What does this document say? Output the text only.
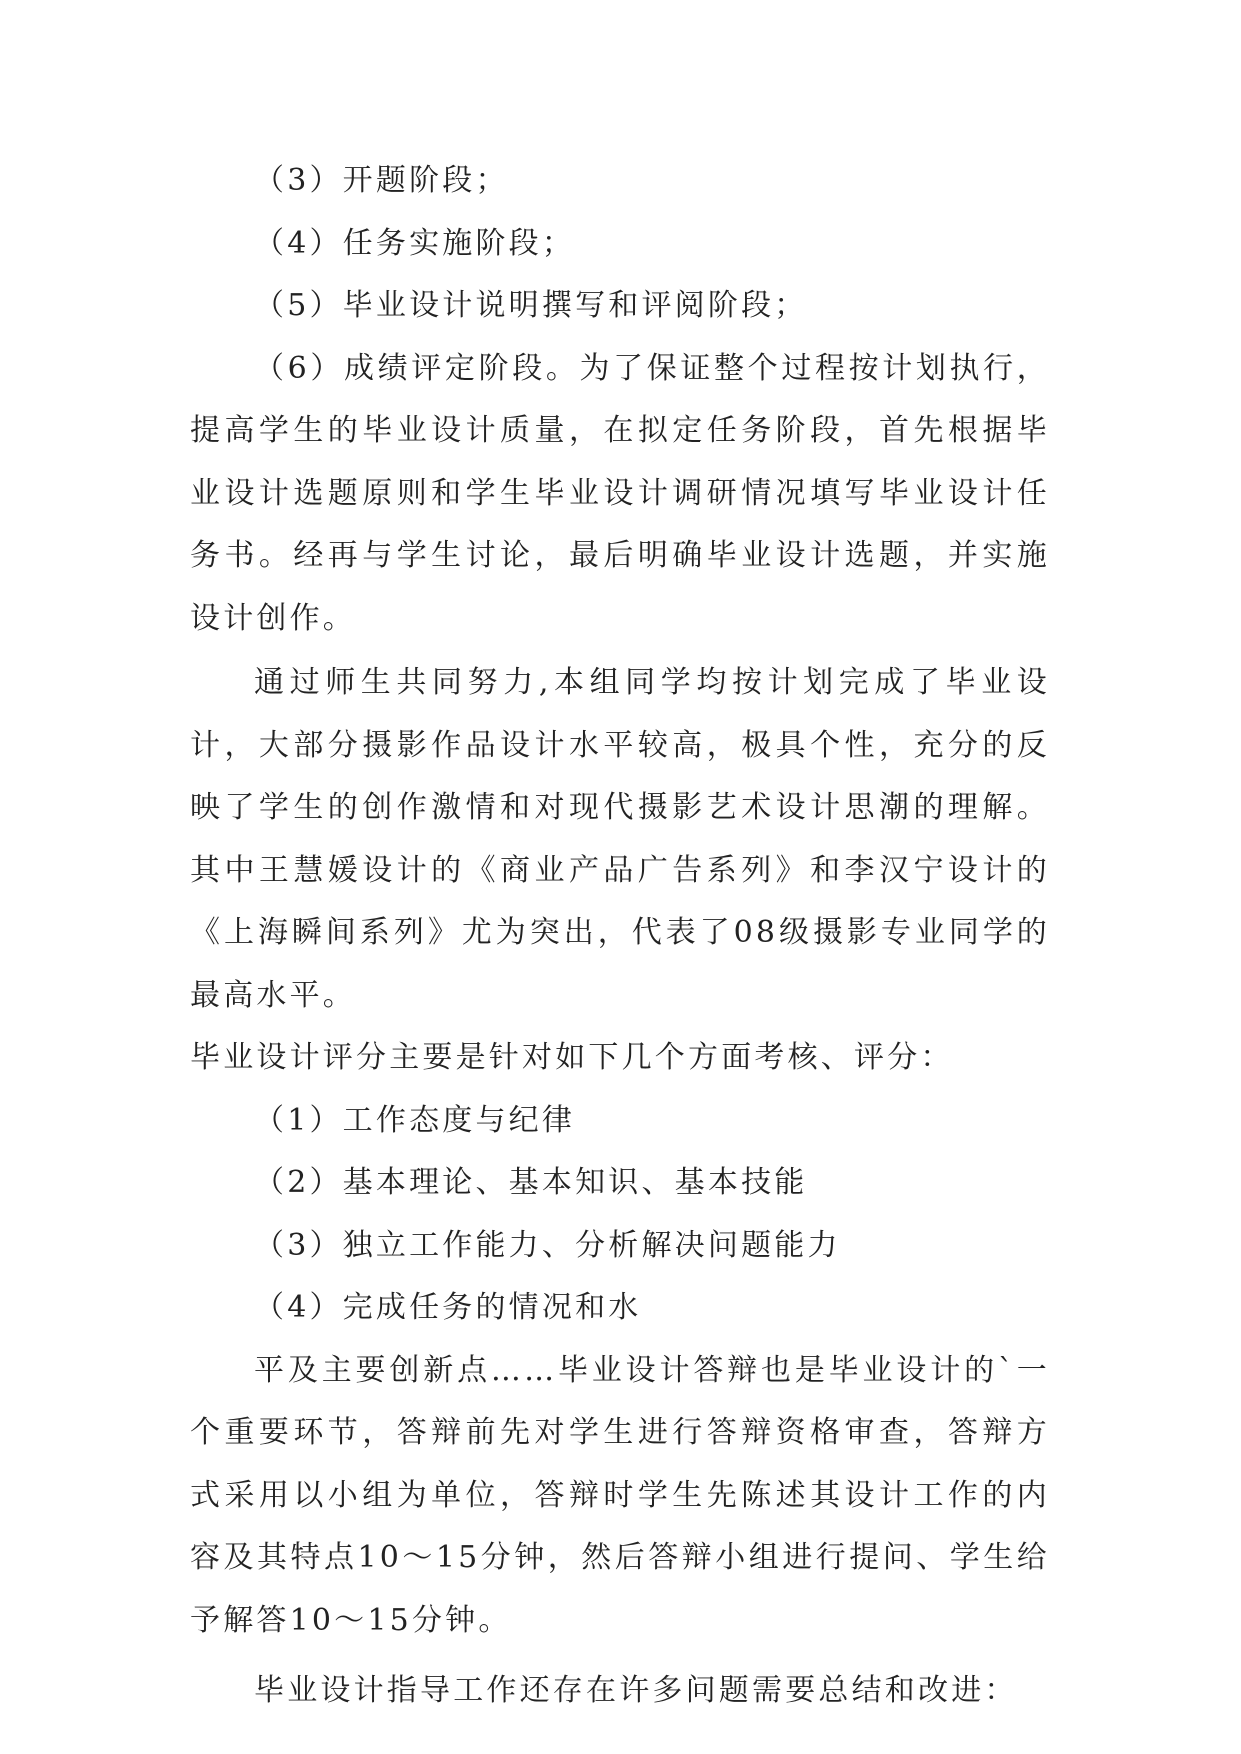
（3）开题阶段；

（4）任务实施阶段；

（5）毕业设计说明撰写和评阅阶段；

（6）成绩评定阶段。为了保证整个过程按计划执行，提高学生的毕业设计质量，在拟定任务阶段，首先根据毕业设计选题原则和学生毕业设计调研情况填写毕业设计任务书。经再与学生讨论，最后明确毕业设计选题，并实施设计创作。

通过师生共同努力,本组同学均按计划完成了毕业设计，大部分摄影作品设计水平较高，极具个性，充分的反映了学生的创作激情和对现代摄影艺术设计思潮的理解。其中王慧媛设计的《商业产品广告系列》和李汉宁设计的《上海瞬间系列》尤为突出，代表了08级摄影专业同学的最高水平。

毕业设计评分主要是针对如下几个方面考核、评分：

（1）工作态度与纪律

（2）基本理论、基本知识、基本技能

（3）独立工作能力、分析解决问题能力

（4）完成任务的情况和水

平及主要创新点……毕业设计答辩也是毕业设计的`一个重要环节，答辩前先对学生进行答辩资格审查，答辩方式采用以小组为单位，答辩时学生先陈述其设计工作的内容及其特点10～15分钟，然后答辩小组进行提问、学生给予解答10～15分钟。

毕业设计指导工作还存在许多问题需要总结和改进：
